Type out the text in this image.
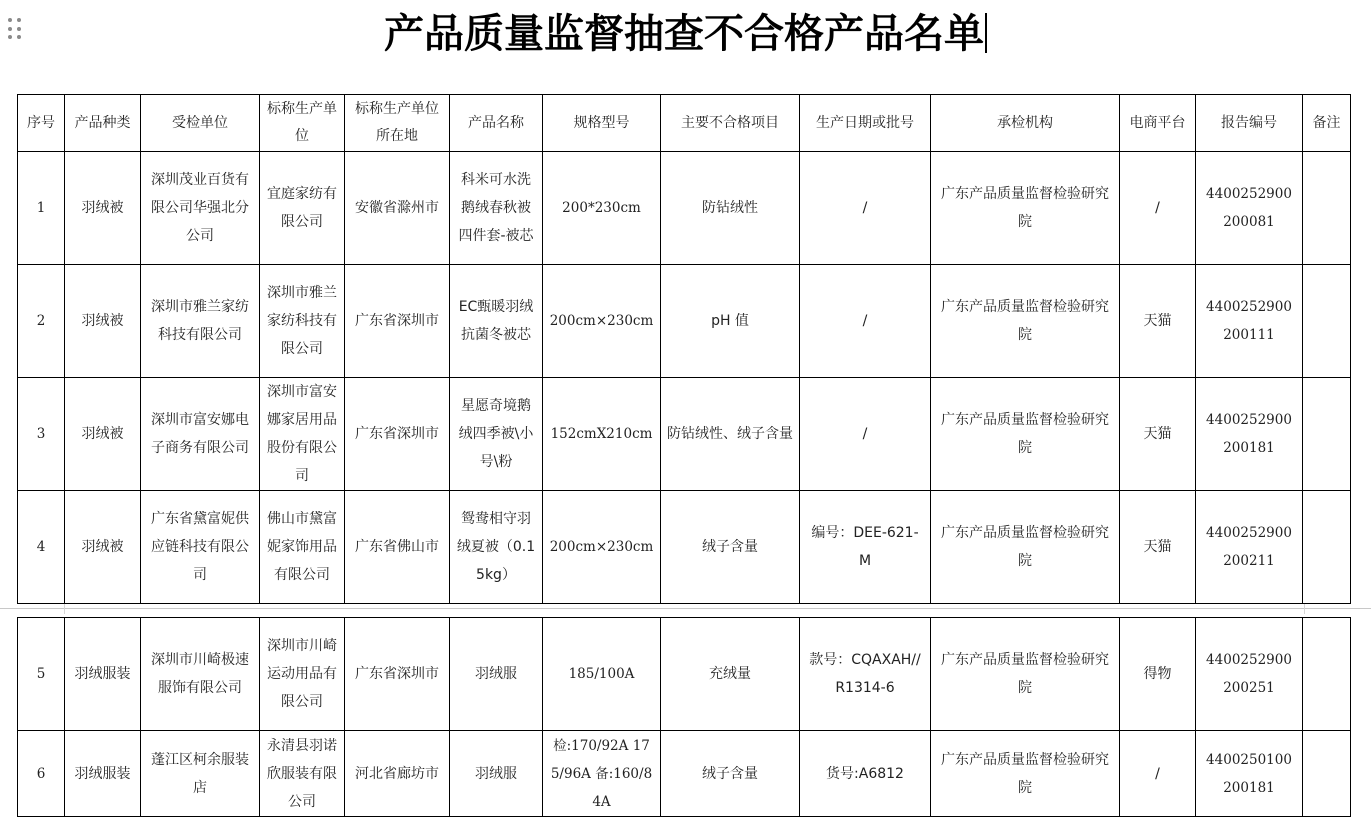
产品质量监督抽查不合格产品名单
序号	产品种类	受检单位	标称生产单位	标称生产单位所在地	产品名称	规格型号	主要不合格项目	生产日期或批号	承检机构	电商平台	报告编号	备注
1	羽绒被	深圳茂业百货有限公司华强北分公司	宜庭家纺有限公司	安徽省滁州市	科米可水洗鹅绒春秋被四件套-被芯	200*230cm	防钻绒性	/	广东产品质量监督检验研究院	/	4400252900200081	
2	羽绒被	深圳市雅兰家纺科技有限公司	深圳市雅兰家纺科技有限公司	广东省深圳市	EC甄暖羽绒抗菌冬被芯	200cm×230cm	pH 值	/	广东产品质量监督检验研究院	天猫	4400252900200111	
3	羽绒被	深圳市富安娜电子商务有限公司	深圳市富安娜家居用品股份有限公司	广东省深圳市	星愿奇境鹅绒四季被\小号\粉	152cmX210cm	防钻绒性、绒子含量	/	广东产品质量监督检验研究院	天猫	4400252900200181	
4	羽绒被	广东省黛富妮供应链科技有限公司	佛山市黛富妮家饰用品有限公司	广东省佛山市	鸳鸯相守羽绒夏被（0.15kg）	200cm×230cm	绒子含量	编号：DEE-621-M	广东产品质量监督检验研究院	天猫	4400252900200211	
5	羽绒服装	深圳市川崎极速服饰有限公司	深圳市川崎运动用品有限公司	广东省深圳市	羽绒服	185/100A	充绒量	款号：CQAXAH//R1314-6	广东产品质量监督检验研究院	得物	4400252900200251	
6	羽绒服装	蓬江区柯余服装店	永清县羽诺欣服装有限公司	河北省廊坊市	羽绒服	检:170/92A 175/96A 备:160/84A	绒子含量	货号:A6812	广东产品质量监督检验研究院	/	4400250100200181	
